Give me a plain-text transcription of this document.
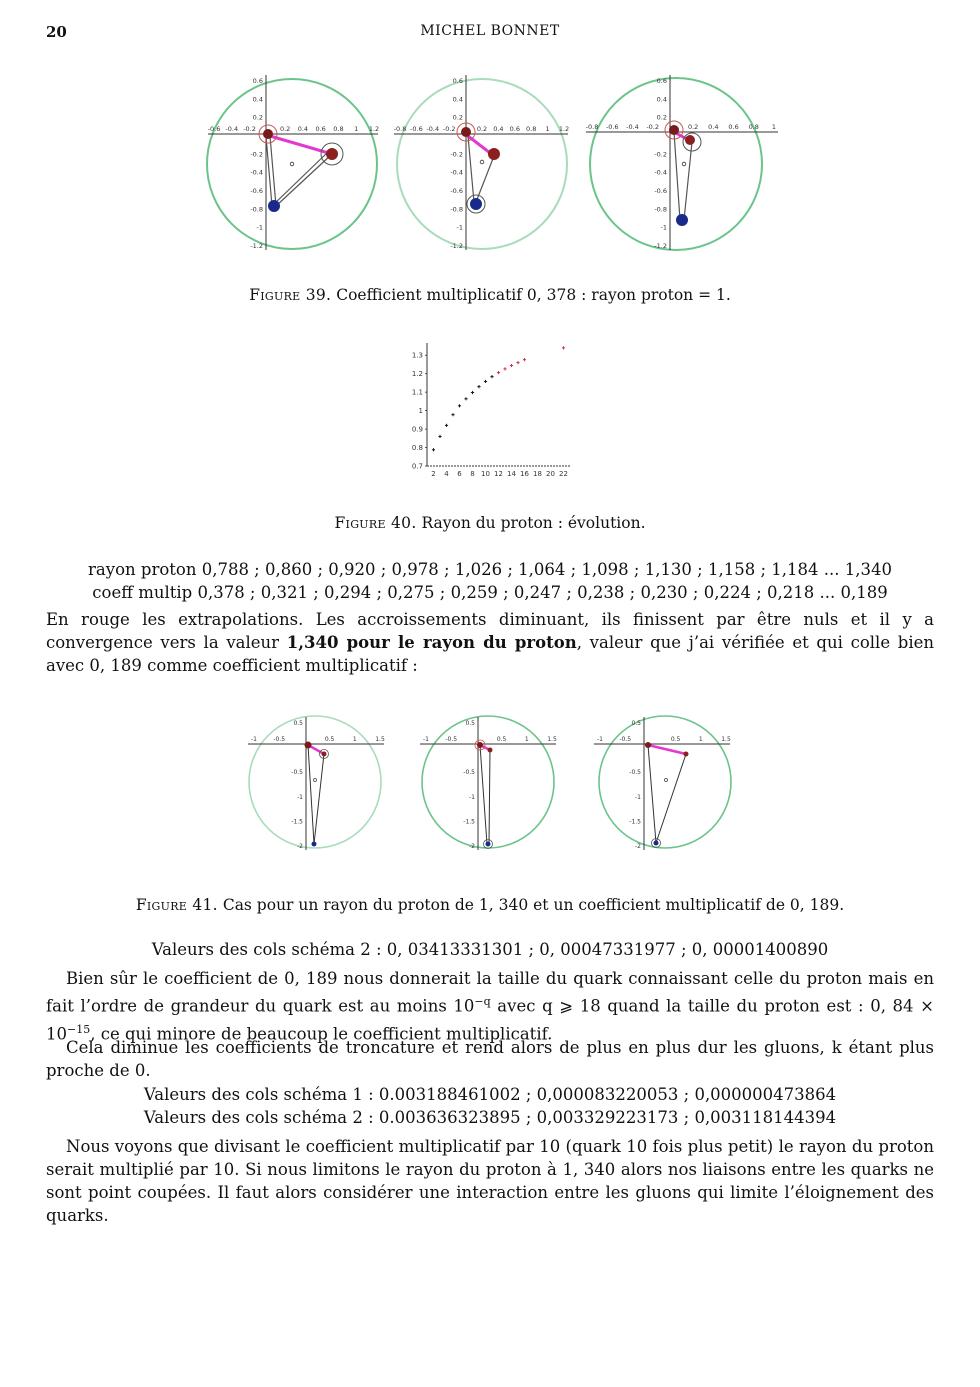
20	MICHEL BONNET
-0.6 -0.4 -0.2	0.2 0.4 0.6 0.8 1 1.2
0.6
0.4
0.2
-0.2
-0.4
-0.6
-0.8
-1
-1.2
-0.8 -0.6 -0.4 -0.2	0.2 0.4 0.6 0.8 1 1.2
0.6
0.4
0.2
-0.2
-0.4
-0.6
-0.8
-1
-1.2
-0.8 -0.6 -0.4 -0.2	0.2 0.4 0.6 0.8 1
0.6
0.4
0.2
-0.2
-0.4
-0.6
-0.8
-1
-1.2
Figure 39. Coefficient multiplicatif 0, 378 : rayon proton = 1.
0.7
0.8
0.9
1
1.1
1.2
1.3
2 4 6 8 10 12 14 16 18 20 22
Figure 40. Rayon du proton : évolution.
rayon proton 0,788 ; 0,860 ; 0,920 ; 0,978 ; 1,026 ; 1,064 ; 1,098 ; 1,130 ; 1,158 ; 1,184 ... 1,340
coeff multip 0,378 ; 0,321 ; 0,294 ; 0,275 ; 0,259 ; 0,247 ; 0,238 ; 0,230 ; 0,224 ; 0,218 ... 0,189
En rouge les extrapolations. Les accroissements diminuant, ils finissent par être nuls et il y a convergence vers la valeur 1,340 pour le rayon du proton, valeur que j’ai vérifiée et qui colle bien avec 0, 189 comme coefficient multiplicatif :
-1	-0.5	0.5	1	1.5
0.5
-0.5
-1
-1.5
-2
-1	-0.5	0.5	1	1.5
0.5
-0.5
-1
-1.5
-2
-1	-0.5	0.5	1	1.5
0.5
-0.5
-1
-1.5
-2
Figure 41. Cas pour un rayon du proton de 1, 340 et un coefficient multiplicatif de 0, 189.
Valeurs des cols schéma 2 : 0, 03413331301 ; 0, 00047331977 ; 0, 00001400890
Bien sûr le coefficient de 0, 189 nous donnerait la taille du quark connaissant celle du proton mais en fait l’ordre de grandeur du quark est au moins $10^{-q}$ avec q ⩾ 18 quand la taille du proton est : 0, $84 \times 10^{-15}$, ce qui minore de beaucoup le coefficient multiplicatif.
Cela diminue les coefficients de troncature et rend alors de plus en plus dur les gluons, k étant plus proche de 0.
Valeurs des cols schéma 1 : 0.003188461002 ; 0,000083220053 ; 0,000000473864
Valeurs des cols schéma 2 : 0.003636323895 ; 0,003329223173 ; 0,003118144394
Nous voyons que divisant le coefficient multiplicatif par 10 (quark 10 fois plus petit) le rayon du proton serait multiplié par 10. Si nous limitons le rayon du proton à 1, 340 alors nos liaisons entre les quarks ne sont point coupées. Il faut alors considérer une interaction entre les gluons qui limite l’éloignement des quarks.
